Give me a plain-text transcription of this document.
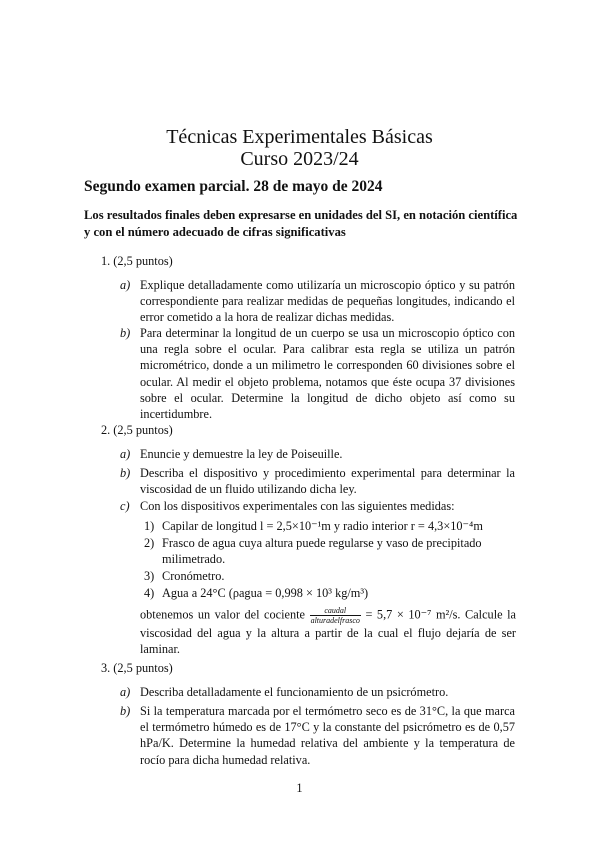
Técnicas Experimentales Básicas
Curso 2023/24
Segundo examen parcial. 28 de mayo de 2024
Los resultados finales deben expresarse en unidades del SI, en notación científica y con el número adecuado de cifras significativas
1. (2,5 puntos)
a) Explique detalladamente como utilizaría un microscopio óptico y su patrón correspondiente para realizar medidas de pequeñas longitudes, indicando el error cometido a la hora de realizar dichas medidas.
b) Para determinar la longitud de un cuerpo se usa un microscopio óptico con una regla sobre el ocular. Para calibrar esta regla se utiliza un patrón micrométrico, donde a un milimetro le corresponden 60 divisiones sobre el ocular. Al medir el objeto problema, notamos que éste ocupa 37 divisiones sobre el ocular. Determine la longitud de dicho objeto así como su incertidumbre.
2. (2,5 puntos)
a) Enuncie y demuestre la ley de Poiseuille.
b) Describa el dispositivo y procedimiento experimental para determinar la viscosidad de un fluido utilizando dicha ley.
c) Con los dispositivos experimentales con las siguientes medidas:
1) Capilar de longitud l = 2,5×10⁻¹m y radio interior r = 4,3×10⁻⁴m
2) Frasco de agua cuya altura puede regularse y vaso de precipitado milimetrado.
3) Cronómetro.
4) Agua a 24°C (ρagua = 0,998 × 10³ kg/m³)
obtenemos un valor del cociente $\frac{\text{caudal}}{\text{alturadelfrasco}} = 5,7 \times 10^{-7}$ m²/s. Calcule la viscosidad del agua y la altura a partir de la cual el flujo dejaría de ser laminar.
3. (2,5 puntos)
a) Describa detalladamente el funcionamiento de un psicrómetro.
b) Si la temperatura marcada por el termómetro seco es de 31°C, la que marca el termómetro húmedo es de 17°C y la constante del psicrómetro es de 0,57 hPa/K. Determine la humedad relativa del ambiente y la temperatura de rocío para dicha humedad relativa.
1
